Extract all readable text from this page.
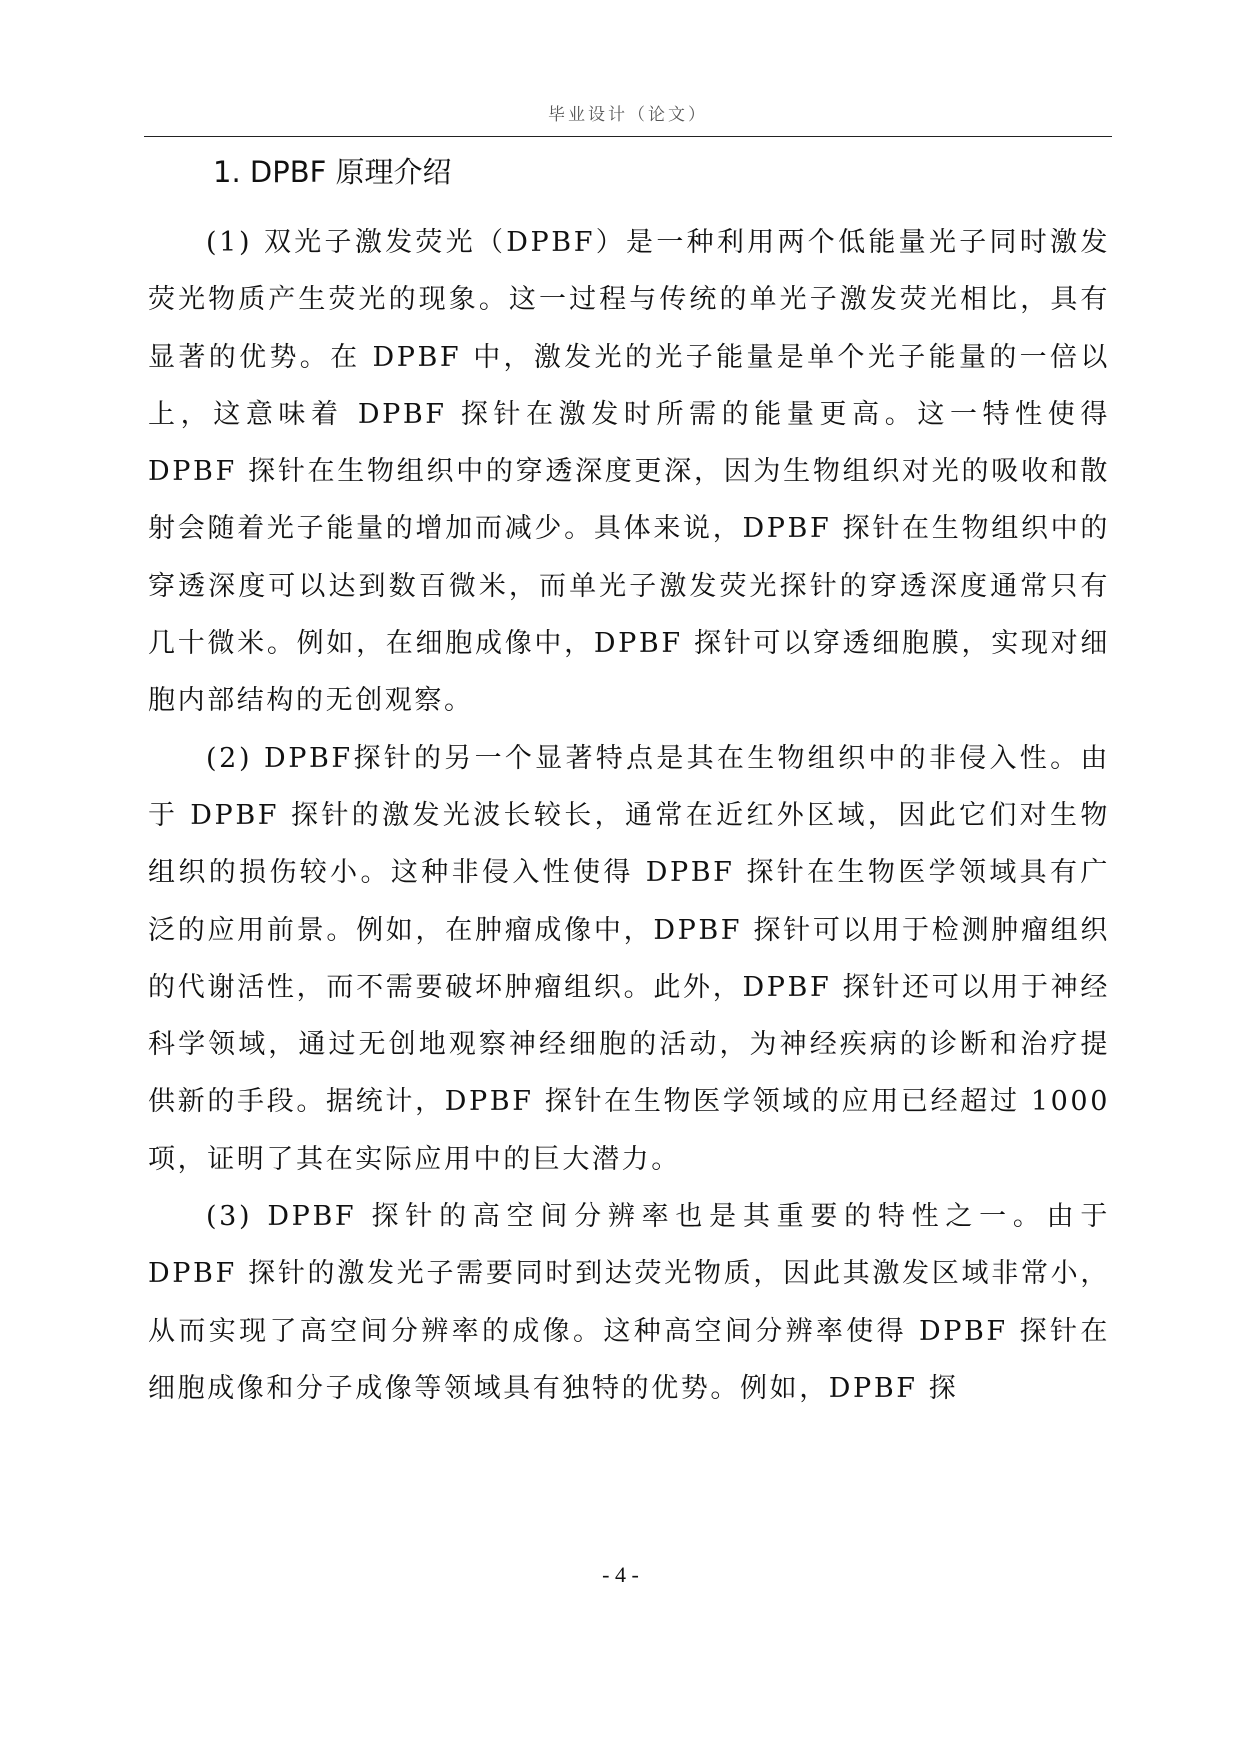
毕业设计（论文）
1. DPBF 原理介绍

(1) 双光子激发荧光（DPBF）是一种利用两个低能量光子同时激发荧光物质产生荧光的现象。这一过程与传统的单光子激发荧光相比，具有显著的优势。在 DPBF 中，激发光的光子能量是单个光子能量的一倍以上，这意味着 DPBF 探针在激发时所需的能量更高。这一特性使得 DPBF 探针在生物组织中的穿透深度更深，因为生物组织对光的吸收和散射会随着光子能量的增加而减少。具体来说，DPBF 探针在生物组织中的穿透深度可以达到数百微米，而单光子激发荧光探针的穿透深度通常只有几十微米。例如，在细胞成像中，DPBF 探针可以穿透细胞膜，实现对细胞内部结构的无创观察。

(2) DPBF探针的另一个显著特点是其在生物组织中的非侵入性。由于 DPBF 探针的激发光波长较长，通常在近红外区域，因此它们对生物组织的损伤较小。这种非侵入性使得 DPBF 探针在生物医学领域具有广泛的应用前景。例如，在肿瘤成像中，DPBF 探针可以用于检测肿瘤组织的代谢活性，而不需要破坏肿瘤组织。此外，DPBF 探针还可以用于神经科学领域，通过无创地观察神经细胞的活动，为神经疾病的诊断和治疗提供新的手段。据统计，DPBF 探针在生物医学领域的应用已经超过 1000 项，证明了其在实际应用中的巨大潜力。

(3) DPBF 探针的高空间分辨率也是其重要的特性之一。由于 DPBF 探针的激发光子需要同时到达荧光物质，因此其激发区域非常小，从而实现了高空间分辨率的成像。这种高空间分辨率使得 DPBF 探针在细胞成像和分子成像等领域具有独特的优势。例如，DPBF 探

- 4 -
